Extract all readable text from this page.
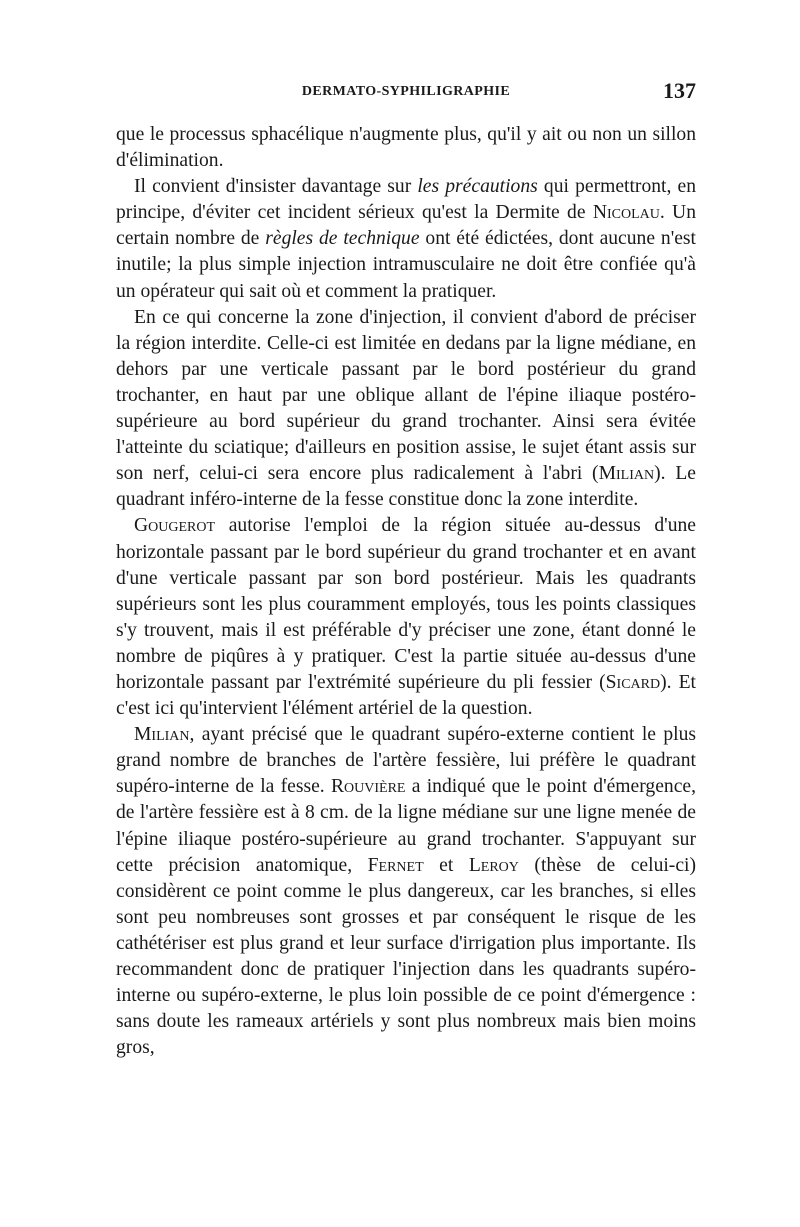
DERMATO-SYPHILIGRAPHIE	137

que le processus sphacélique n'augmente plus, qu'il y ait ou non un sillon d'élimination.

Il convient d'insister davantage sur les précautions qui permettront, en principe, d'éviter cet incident sérieux qu'est la Dermite de Nicolau. Un certain nombre de règles de technique ont été édictées, dont aucune n'est inutile; la plus simple injection intramusculaire ne doit être confiée qu'à un opérateur qui sait où et comment la pratiquer.

En ce qui concerne la zone d'injection, il convient d'abord de préciser la région interdite. Celle-ci est limitée en dedans par la ligne médiane, en dehors par une verticale passant par le bord postérieur du grand trochanter, en haut par une oblique allant de l'épine iliaque postéro-supérieure au bord supérieur du grand trochanter. Ainsi sera évitée l'atteinte du sciatique; d'ailleurs en position assise, le sujet étant assis sur son nerf, celui-ci sera encore plus radicalement à l'abri (Milian). Le quadrant inféro-interne de la fesse constitue donc la zone interdite.

Gougerot autorise l'emploi de la région située au-dessus d'une horizontale passant par le bord supérieur du grand trochanter et en avant d'une verticale passant par son bord postérieur. Mais les quadrants supérieurs sont les plus couramment employés, tous les points classiques s'y trouvent, mais il est préférable d'y préciser une zone, étant donné le nombre de piqûres à y pratiquer. C'est la partie située au-dessus d'une horizontale passant par l'extrémité supérieure du pli fessier (Sicard). Et c'est ici qu'intervient l'élément artériel de la question.

Milian, ayant précisé que le quadrant supéro-externe contient le plus grand nombre de branches de l'artère fessière, lui préfère le quadrant supéro-interne de la fesse. Rouvière a indiqué que le point d'émergence, de l'artère fessière est à 8 cm. de la ligne médiane sur une ligne menée de l'épine iliaque postéro-supérieure au grand trochanter. S'appuyant sur cette précision anatomique, Fernet et Leroy (thèse de celui-ci) considèrent ce point comme le plus dangereux, car les branches, si elles sont peu nombreuses sont grosses et par conséquent le risque de les cathétériser est plus grand et leur surface d'irrigation plus importante. Ils recommandent donc de pratiquer l'injection dans les quadrants supéro-interne ou supéro-externe, le plus loin possible de ce point d'émergence : sans doute les rameaux artériels y sont plus nombreux mais bien moins gros,
